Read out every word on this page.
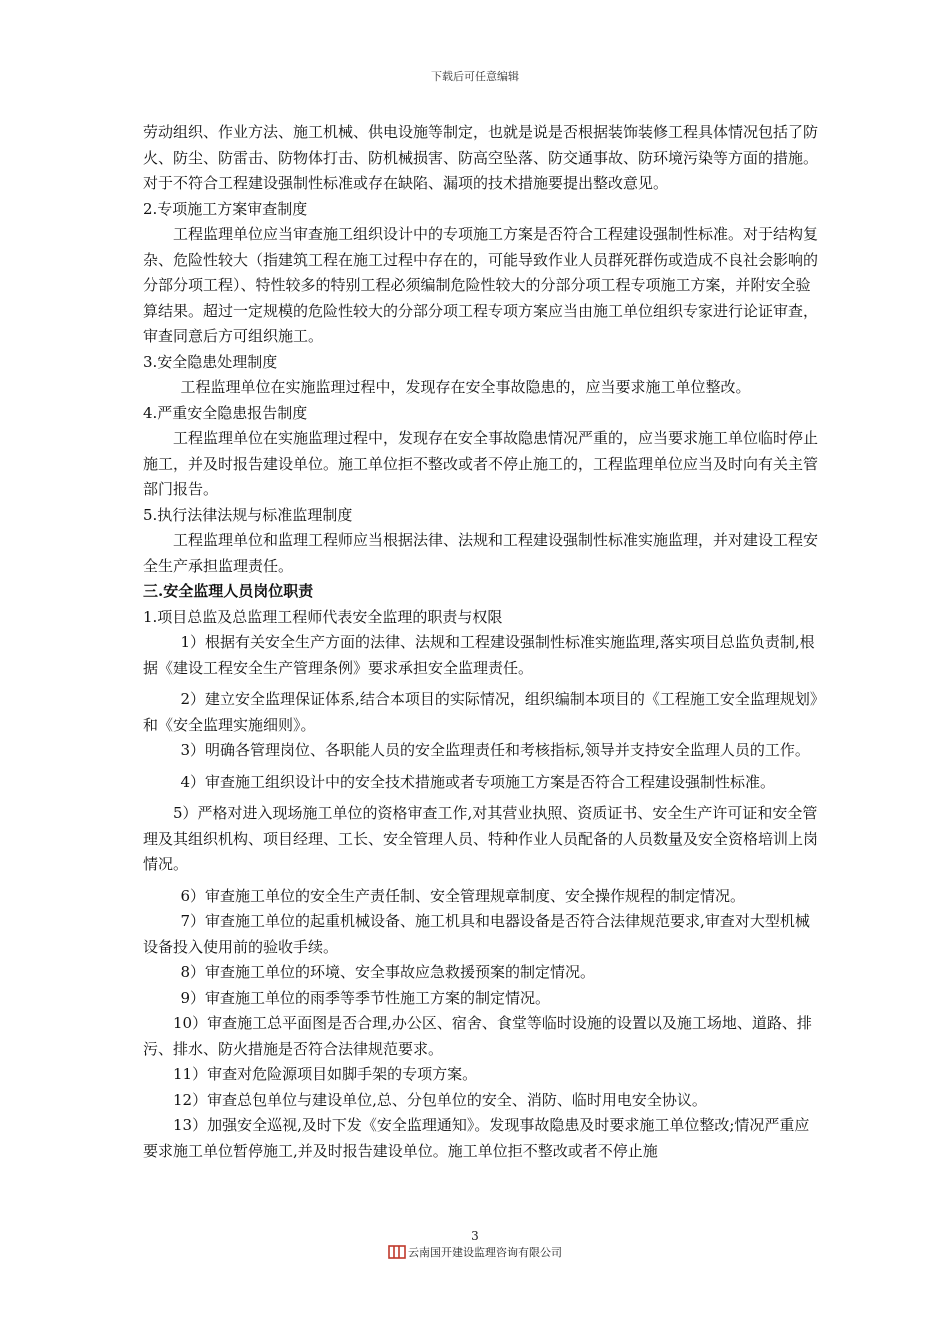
下载后可任意编辑

劳动组织、作业方法、施工机械、供电设施等制定，也就是说是否根据装饰装修工程具体情况包括了防火、防尘、防雷击、防物体打击、防机械损害、防高空坠落、防交通事故、防环境污染等方面的措施。对于不符合工程建设强制性标准或存在缺陷、漏项的技术措施要提出整改意见。

2.专项施工方案审查制度

工程监理单位应当审查施工组织设计中的专项施工方案是否符合工程建设强制性标准。对于结构复杂、危险性较大（指建筑工程在施工过程中存在的，可能导致作业人员群死群伤或造成不良社会影响的分部分项工程）、特性较多的特别工程必须编制危险性较大的分部分项工程专项施工方案，并附安全验算结果。超过一定规模的危险性较大的分部分项工程专项方案应当由施工单位组织专家进行论证审查，审查同意后方可组织施工。

3.安全隐患处理制度

工程监理单位在实施监理过程中，发现存在安全事故隐患的，应当要求施工单位整改。

4.严重安全隐患报告制度

工程监理单位在实施监理过程中，发现存在安全事故隐患情况严重的，应当要求施工单位临时停止施工，并及时报告建设单位。施工单位拒不整改或者不停止施工的，工程监理单位应当及时向有关主管部门报告。

5.执行法律法规与标准监理制度

工程监理单位和监理工程师应当根据法律、法规和工程建设强制性标准实施监理，并对建设工程安全生产承担监理责任。

三.安全监理人员岗位职责

1.项目总监及总监理工程师代表安全监理的职责与权限

1）根据有关安全生产方面的法律、法规和工程建设强制性标准实施监理,落实项目总监负责制,根据《建设工程安全生产管理条例》要求承担安全监理责任。

2）建立安全监理保证体系,结合本项目的实际情况，组织编制本项目的《工程施工安全监理规划》和《安全监理实施细则》。

3）明确各管理岗位、各职能人员的安全监理责任和考核指标,领导并支持安全监理人员的工作。

4）审查施工组织设计中的安全技术措施或者专项施工方案是否符合工程建设强制性标准。

5）严格对进入现场施工单位的资格审查工作,对其营业执照、资质证书、安全生产许可证和安全管理及其组织机构、项目经理、工长、安全管理人员、特种作业人员配备的人员数量及安全资格培训上岗情况。

6）审查施工单位的安全生产责任制、安全管理规章制度、安全操作规程的制定情况。

7）审查施工单位的起重机械设备、施工机具和电器设备是否符合法律规范要求,审查对大型机械设备投入使用前的验收手续。

8）审查施工单位的环境、安全事故应急救援预案的制定情况。

9）审查施工单位的雨季等季节性施工方案的制定情况。

10）审查施工总平面图是否合理,办公区、宿舍、食堂等临时设施的设置以及施工场地、道路、排污、排水、防火措施是否符合法律规范要求。

11）审查对危险源项目如脚手架的专项方案。

12）审查总包单位与建设单位,总、分包单位的安全、消防、临时用电安全协议。

13）加强安全巡视,及时下发《安全监理通知》。发现事故隐患及时要求施工单位整改;情况严重应要求施工单位暂停施工,并及时报告建设单位。施工单位拒不整改或者不停止施

3
云南国开建设监理咨询有限公司
